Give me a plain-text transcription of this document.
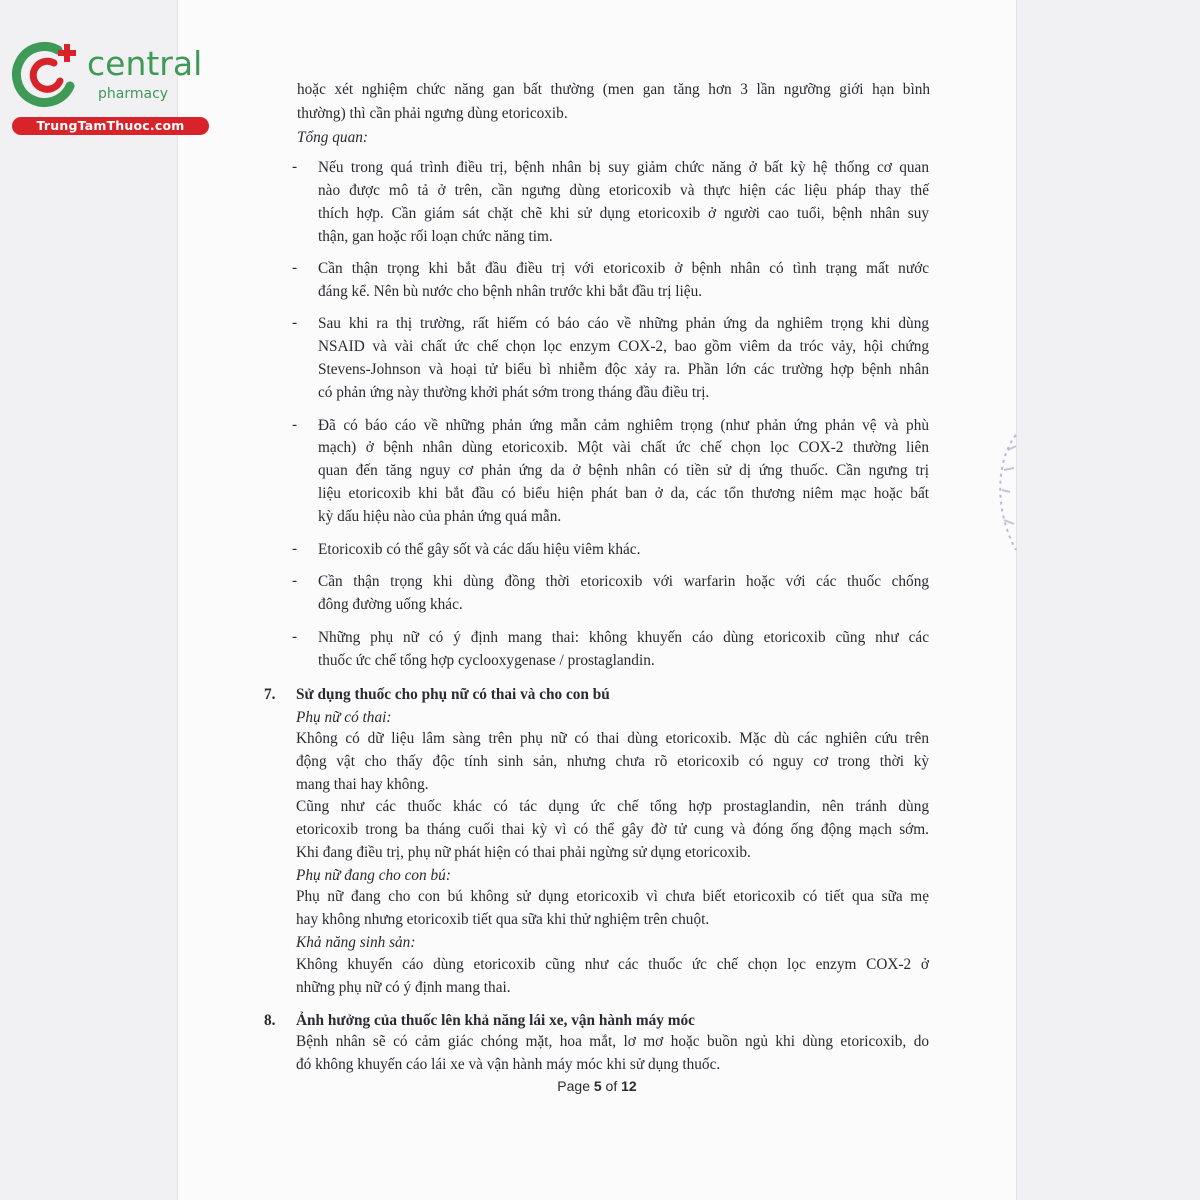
central
pharmacy
TrungTamThuoc.com
hoặc xét nghiệm chức năng gan bất thường (men gan tăng hơn 3 lần ngưỡng giới hạn bình
thường) thì cần phải ngưng dùng etoricoxib.
Tổng quan:
- Nếu trong quá trình điều trị, bệnh nhân bị suy giảm chức năng ở bất kỳ hệ thống cơ quan
nào được mô tả ở trên, cần ngưng dùng etoricoxib và thực hiện các liệu pháp thay thế
thích hợp. Cần giám sát chặt chẽ khi sử dụng etoricoxib ở người cao tuổi, bệnh nhân suy
thận, gan hoặc rối loạn chức năng tim.
- Cần thận trọng khi bắt đầu điều trị với etoricoxib ở bệnh nhân có tình trạng mất nước
đáng kể. Nên bù nước cho bệnh nhân trước khi bắt đầu trị liệu.
- Sau khi ra thị trường, rất hiếm có báo cáo về những phản ứng da nghiêm trọng khi dùng
NSAID và vài chất ức chế chọn lọc enzym COX-2, bao gồm viêm da tróc vảy, hội chứng
Stevens-Johnson và hoại tử biểu bì nhiễm độc xảy ra. Phần lớn các trường hợp bệnh nhân
có phản ứng này thường khởi phát sớm trong tháng đầu điều trị.
- Đã có báo cáo về những phản ứng mẫn cảm nghiêm trọng (như phản ứng phản vệ và phù
mạch) ở bệnh nhân dùng etoricoxib. Một vài chất ức chế chọn lọc COX-2 thường liên
quan đến tăng nguy cơ phản ứng da ở bệnh nhân có tiền sử dị ứng thuốc. Cần ngưng trị
liệu etoricoxib khi bắt đầu có biểu hiện phát ban ở da, các tổn thương niêm mạc hoặc bất
kỳ dấu hiệu nào của phản ứng quá mẫn.
- Etoricoxib có thể gây sốt và các dấu hiệu viêm khác.
- Cần thận trọng khi dùng đồng thời etoricoxib với warfarin hoặc với các thuốc chống
đông đường uống khác.
- Những phụ nữ có ý định mang thai: không khuyến cáo dùng etoricoxib cũng như các
thuốc ức chế tổng hợp cyclooxygenase / prostaglandin.
7. Sử dụng thuốc cho phụ nữ có thai và cho con bú
Phụ nữ có thai:
Không có dữ liệu lâm sàng trên phụ nữ có thai dùng etoricoxib. Mặc dù các nghiên cứu trên
động vật cho thấy độc tính sinh sản, nhưng chưa rõ etoricoxib có nguy cơ trong thời kỳ
mang thai hay không.
Cũng như các thuốc khác có tác dụng ức chế tổng hợp prostaglandin, nên tránh dùng
etoricoxib trong ba tháng cuối thai kỳ vì có thể gây đờ tử cung và đóng ống động mạch sớm.
Khi đang điều trị, phụ nữ phát hiện có thai phải ngừng sử dụng etoricoxib.
Phụ nữ đang cho con bú:
Phụ nữ đang cho con bú không sử dụng etoricoxib vì chưa biết etoricoxib có tiết qua sữa mẹ
hay không nhưng etoricoxib tiết qua sữa khi thử nghiệm trên chuột.
Khả năng sinh sản:
Không khuyến cáo dùng etoricoxib cũng như các thuốc ức chế chọn lọc enzym COX-2 ở
những phụ nữ có ý định mang thai.
8. Ảnh hưởng của thuốc lên khả năng lái xe, vận hành máy móc
Bệnh nhân sẽ có cảm giác chóng mặt, hoa mắt, lơ mơ hoặc buồn ngủ khi dùng etoricoxib, do
đó không khuyến cáo lái xe và vận hành máy móc khi sử dụng thuốc.
Page 5 of 12
